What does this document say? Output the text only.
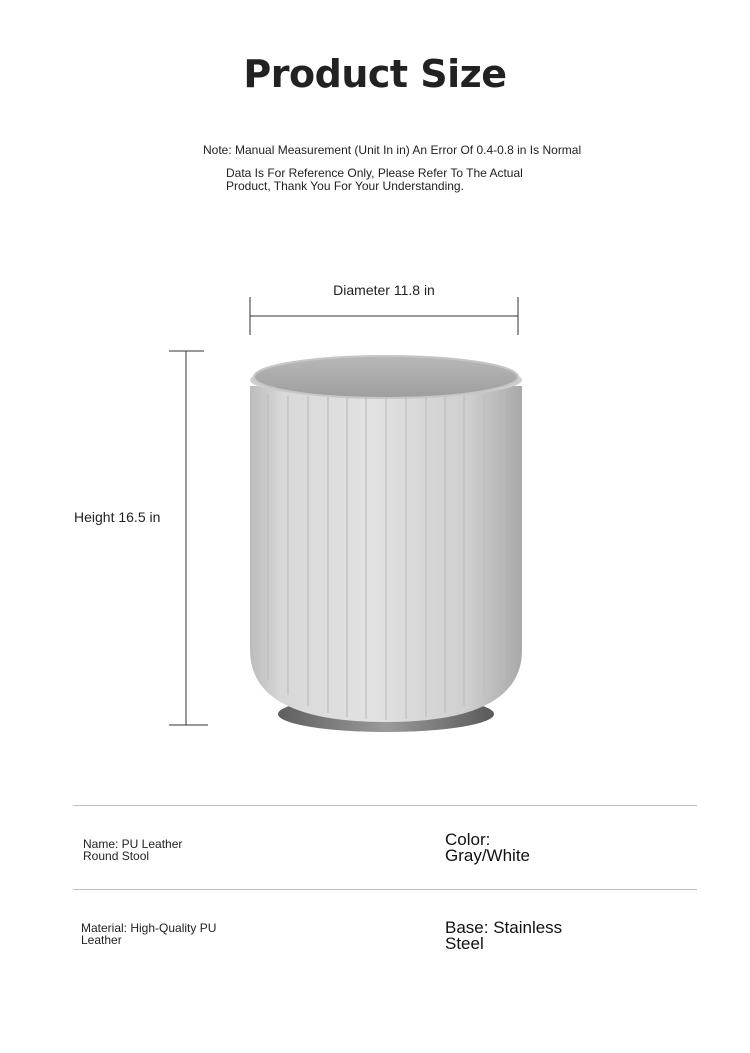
Product Size
Note: Manual Measurement (Unit In in) An Error Of 0.4-0.8 in Is Normal
Data Is For Reference Only, Please Refer To The Actual Product, Thank You For Your Understanding.
Diameter 11.8 in
Height 16.5 in
Name: PU Leather
Round Stool
Color:
Gray/White
Material: High-Quality PU
Leather
Base: Stainless
Steel
